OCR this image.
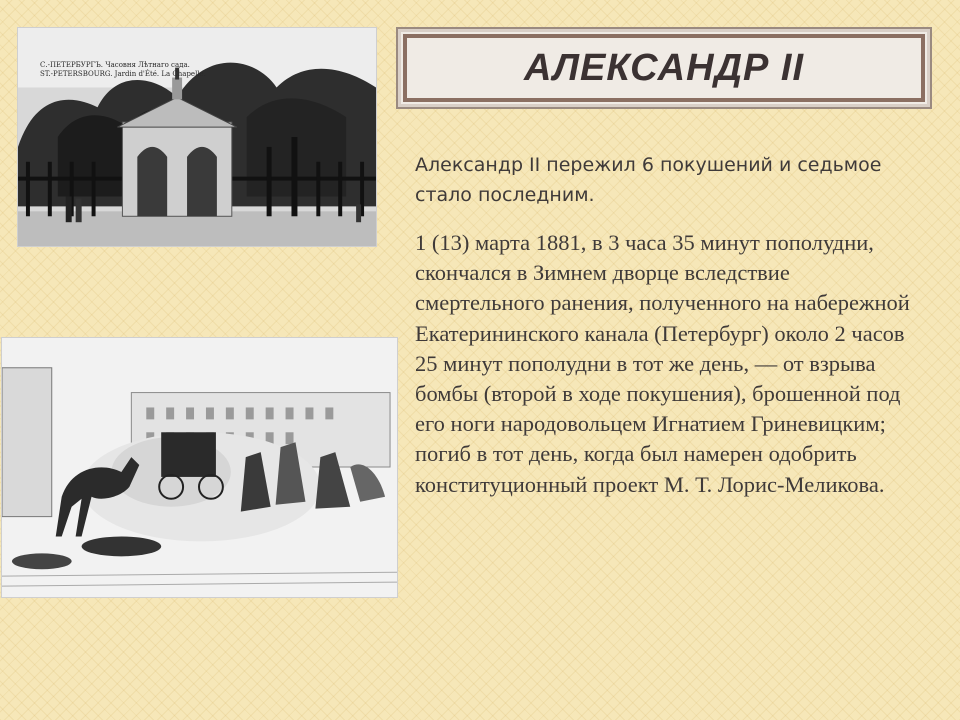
АЛЕКСАНДР II
С.-ПЕТЕРБУРГЪ. Часовня Лѣтнаго сада.
ST.-PETERSBOURG. Jardin d'Été. La Chapelle.

Александр II пережил 6 покушений и седьмое стало последним.

1 (13) марта 1881, в 3 часа 35 минут пополудни, скончался в Зимнем дворце вследствие смертельного ранения, полученного на набережной Екатерининского канала (Петербург) около 2 часов 25 минут пополудни в тот же день, — от взрыва бомбы (второй в ходе покушения), брошенной под его ноги народовольцем Игнатием Гриневицким; погиб в тот день, когда был намерен одобрить конституционный проект М. Т. Лорис-Меликова.
